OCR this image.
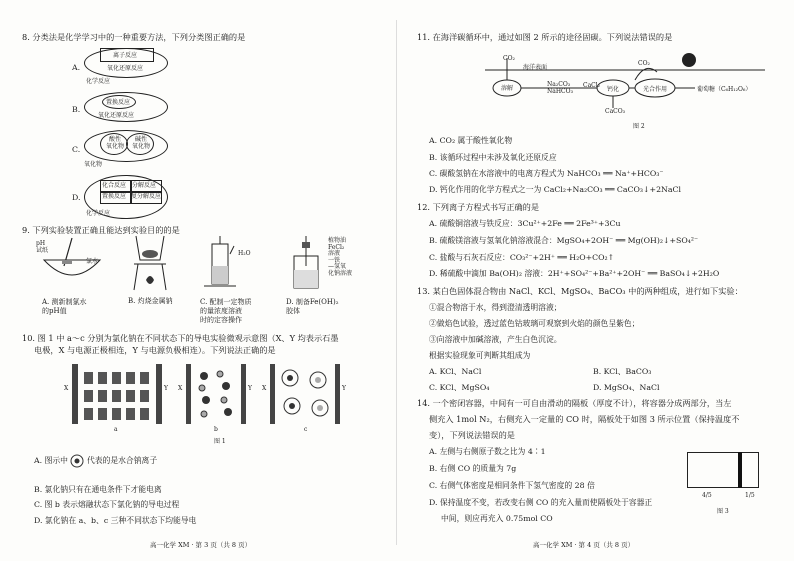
8. 分类法是化学学习中的一种重要方法，下列分类图正确的是
A.
离子反应
氧化还原反应
化学反应
B.
置换反应
氧化还原反应
C.
酸性
氧化物
碱性
氧化物
氧化物
D.
化合反应 分解反应
置换反应 复分解反应
化学反应
9. 下列实验装置正确且能达到实验目的的是
pH
试纸
氯水
H₂O
植物油
FeCl₂
溶液
一铁
—氢氧
化钠溶液
A. 测新制氯水
的pH值
B. 灼烧金属钠	C. 配制一定物质
的量浓度溶液
时的定容操作
D. 制备Fe(OH)₂
胶体
10. 图 1 中 a～c 分别为氯化钠在不同状态下的导电实验微观示意图（X、Y 均表示石墨
电极，X 与电源正极相连，Y 与电源负极相连）。下列说法正确的是
X	Y X	Y X	Y
a	b	c
图 1
A. 图示中 代表的是水合钠离子
B. 氯化钠只有在通电条件下才能电离
C. 图 b 表示熔融状态下氯化钠的导电过程
D. 氯化钠在 a、b、c 三种不同状态下均能导电
高一化学 XM · 第 3 页（共 8 页）
11. 在海洋碳循环中，通过如图 2 所示的途径固碳。下列说法错误的是
CO₂
海洋表面
CO₂
溶解
Na₂CO₃
NaHCO₃
CaCl₂
钙化	光合作用	葡萄糖（C₆H₁₂O₆）
CaCO₃
图 2
A. CO₂ 属于酸性氧化物
B. 该循环过程中未涉及氧化还原反应
C. 碳酸氢钠在水溶液中的电离方程式为 NaHCO₃ ══ Na⁺+HCO₃⁻
D. 钙化作用的化学方程式之一为 CaCl₂+Na₂CO₃ ══ CaCO₃↓+2NaCl
12. 下列离子方程式书写正确的是
A. 硫酸铜溶液与铁反应：3Cu²⁺+2Fe ══ 2Fe³⁺+3Cu
B. 硫酸镁溶液与氢氧化钠溶液混合：MgSO₄+2OH⁻ ══ Mg(OH)₂↓+SO₄²⁻
C. 盐酸与石灰石反应：CO₃²⁻+2H⁺ ══ H₂O+CO₂↑
D. 稀硫酸中滴加 Ba(OH)₂ 溶液：2H⁺+SO₄²⁻+Ba²⁺+2OH⁻ ══ BaSO₄↓+2H₂O
13. 某白色固体混合物由 NaCl、KCl、MgSO₄、BaCO₃ 中的两种组成，进行如下实验：
①混合物溶于水，得到澄清透明溶液；
②做焰色试验，透过蓝色钴玻璃可观察到火焰的颜色呈紫色；
③向溶液中加碱溶液，产生白色沉淀。
根据实验现象可判断其组成为
A. KCl、NaCl	B. KCl、BaCO₃
C. KCl、MgSO₄	D. MgSO₄、NaCl
14. 一个密闭容器，中间有一可自由滑动的隔板（厚度不计），将容器分成两部分，当左
侧充入 1mol N₂，右侧充入一定量的 CO 时，隔板处于如图 3 所示位置（保持温度不
变），下列说法错误的是
A. 左侧与右侧原子数之比为 4∶1
B. 右侧 CO 的质量为 7g
C. 右侧气体密度是相同条件下氢气密度的 28 倍
D. 保持温度不变，若改变右侧 CO 的充入量而使隔板处于容器正
中间，则应再充入 0.75mol CO
4/5	1/5
图 3
高一化学 XM · 第 4 页（共 8 页）
